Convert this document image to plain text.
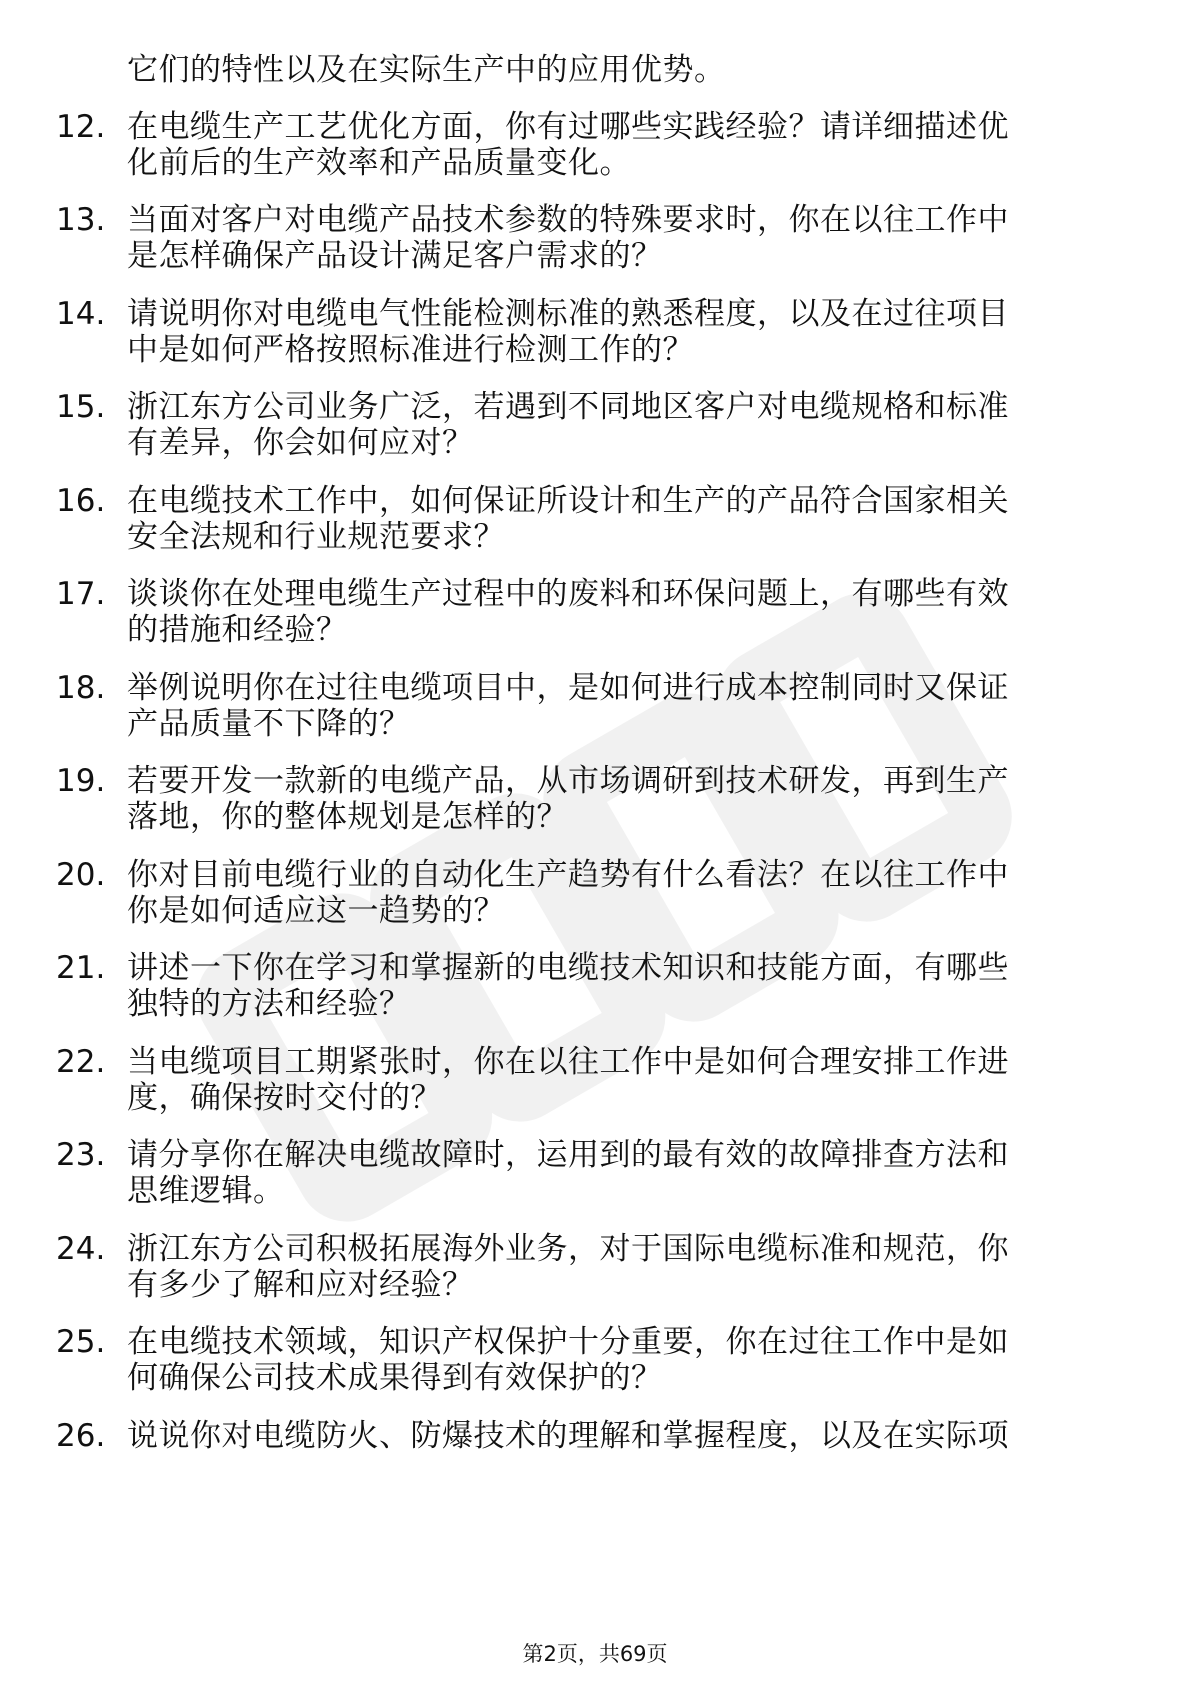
它们的特性以及在实际生产中的应用优势。
12. 在电缆生产工艺优化方面，你有过哪些实践经验？请详细描述优
化前后的生产效率和产品质量变化。
13. 当面对客户对电缆产品技术参数的特殊要求时，你在以往工作中
是怎样确保产品设计满足客户需求的？
14. 请说明你对电缆电气性能检测标准的熟悉程度，以及在过往项目
中是如何严格按照标准进行检测工作的？
15. 浙江东方公司业务广泛，若遇到不同地区客户对电缆规格和标准
有差异，你会如何应对？
16. 在电缆技术工作中，如何保证所设计和生产的产品符合国家相关
安全法规和行业规范要求？
17. 谈谈你在处理电缆生产过程中的废料和环保问题上，有哪些有效
的措施和经验？
18. 举例说明你在过往电缆项目中，是如何进行成本控制同时又保证
产品质量不下降的？
19. 若要开发一款新的电缆产品，从市场调研到技术研发，再到生产
落地，你的整体规划是怎样的？
20. 你对目前电缆行业的自动化生产趋势有什么看法？在以往工作中
你是如何适应这一趋势的？
21. 讲述一下你在学习和掌握新的电缆技术知识和技能方面，有哪些
独特的方法和经验？
22. 当电缆项目工期紧张时，你在以往工作中是如何合理安排工作进
度，确保按时交付的？
23. 请分享你在解决电缆故障时，运用到的最有效的故障排查方法和
思维逻辑。
24. 浙江东方公司积极拓展海外业务，对于国际电缆标准和规范，你
有多少了解和应对经验？
25. 在电缆技术领域，知识产权保护十分重要，你在过往工作中是如
何确保公司技术成果得到有效保护的？
26. 说说你对电缆防火、防爆技术的理解和掌握程度，以及在实际项
第2页，共69页
